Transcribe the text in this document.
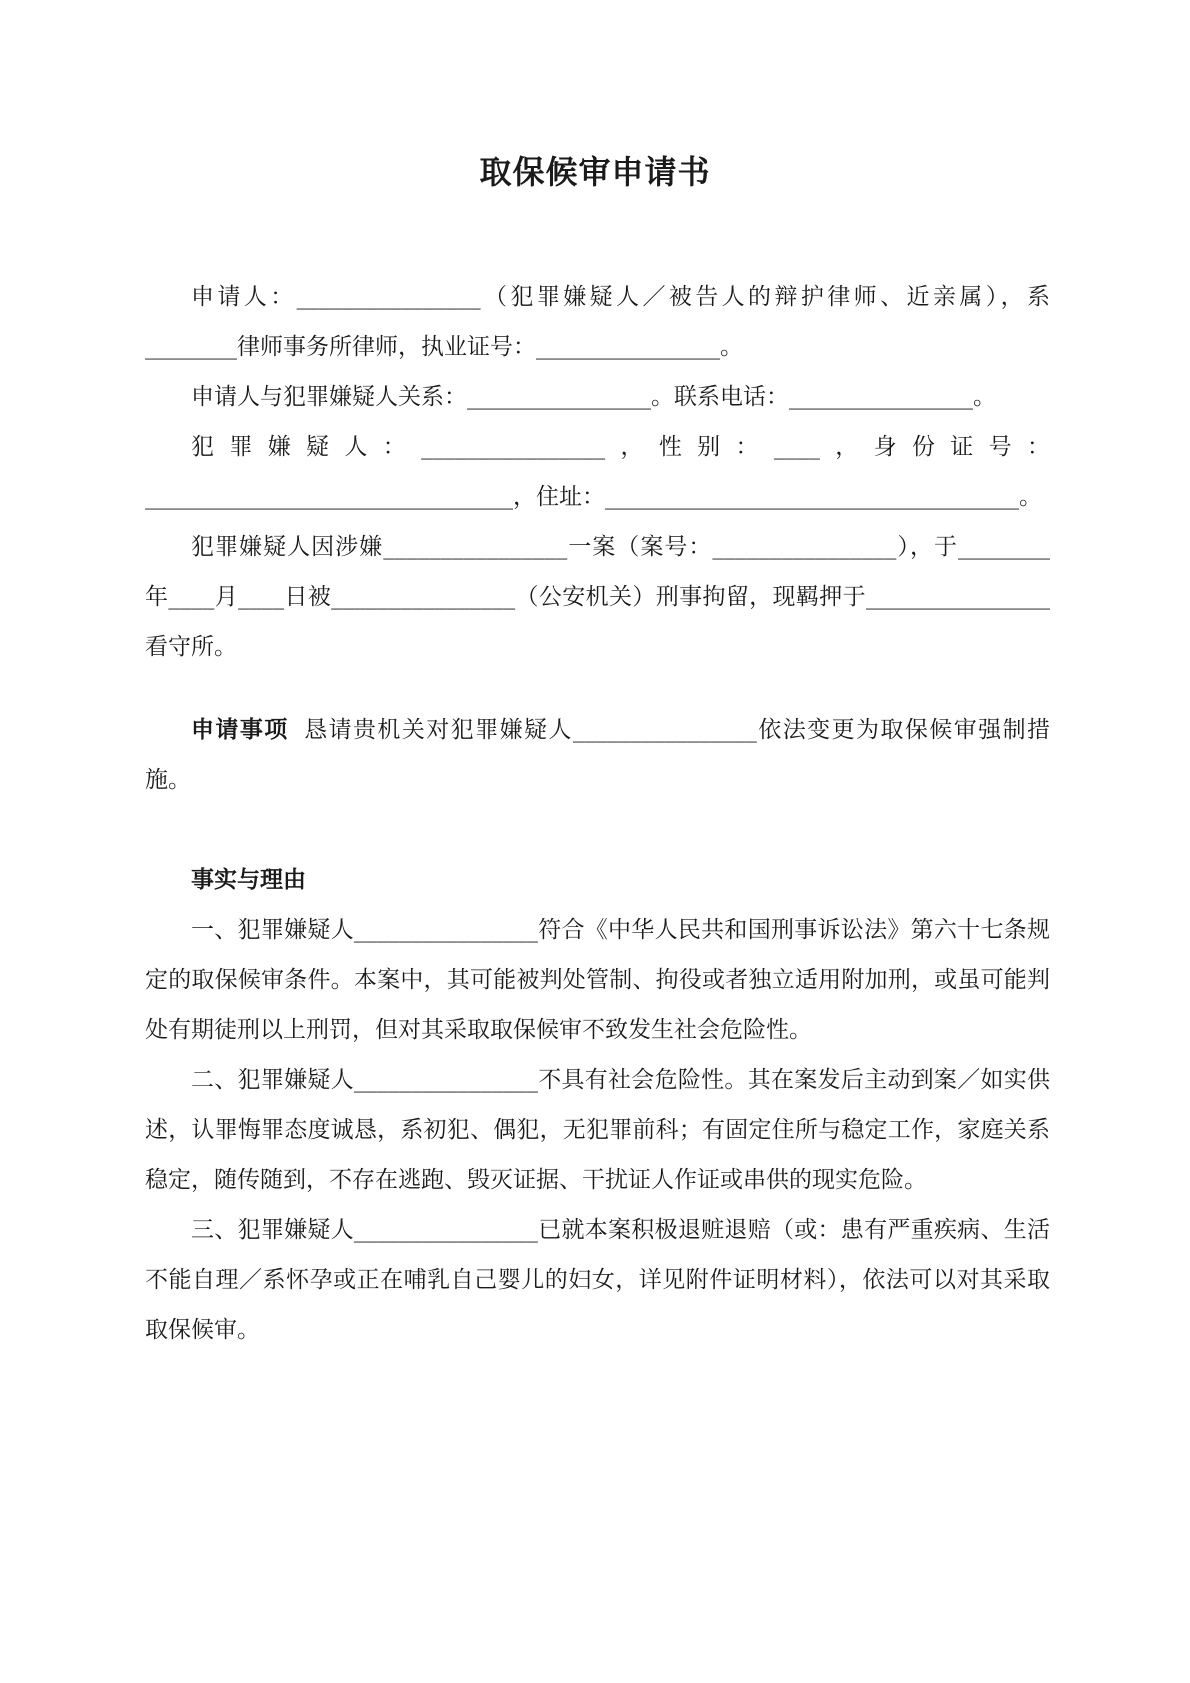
取保候审申请书

申请人：________________（犯罪嫌疑人／被告人的辩护律师、近亲属），系________律师事务所律师，执业证号：________________。

申请人与犯罪嫌疑人关系：________________。联系电话：________________。

犯罪嫌疑人：________________，性别：____，身份证号：________________________________，住址：____________________________________。

犯罪嫌疑人因涉嫌________________一案（案号：________________），于________年____月____日被________________（公安机关）刑事拘留，现羁押于________________看守所。

申请事项 恳请贵机关对犯罪嫌疑人________________依法变更为取保候审强制措施。

事实与理由

一、犯罪嫌疑人________________符合《中华人民共和国刑事诉讼法》第六十七条规定的取保候审条件。本案中，其可能被判处管制、拘役或者独立适用附加刑，或虽可能判处有期徒刑以上刑罚，但对其采取取保候审不致发生社会危险性。

二、犯罪嫌疑人________________不具有社会危险性。其在案发后主动到案／如实供述，认罪悔罪态度诚恳，系初犯、偶犯，无犯罪前科；有固定住所与稳定工作，家庭关系稳定，随传随到，不存在逃跑、毁灭证据、干扰证人作证或串供的现实危险。

三、犯罪嫌疑人________________已就本案积极退赃退赔（或：患有严重疾病、生活不能自理／系怀孕或正在哺乳自己婴儿的妇女，详见附件证明材料），依法可以对其采取取保候审。
